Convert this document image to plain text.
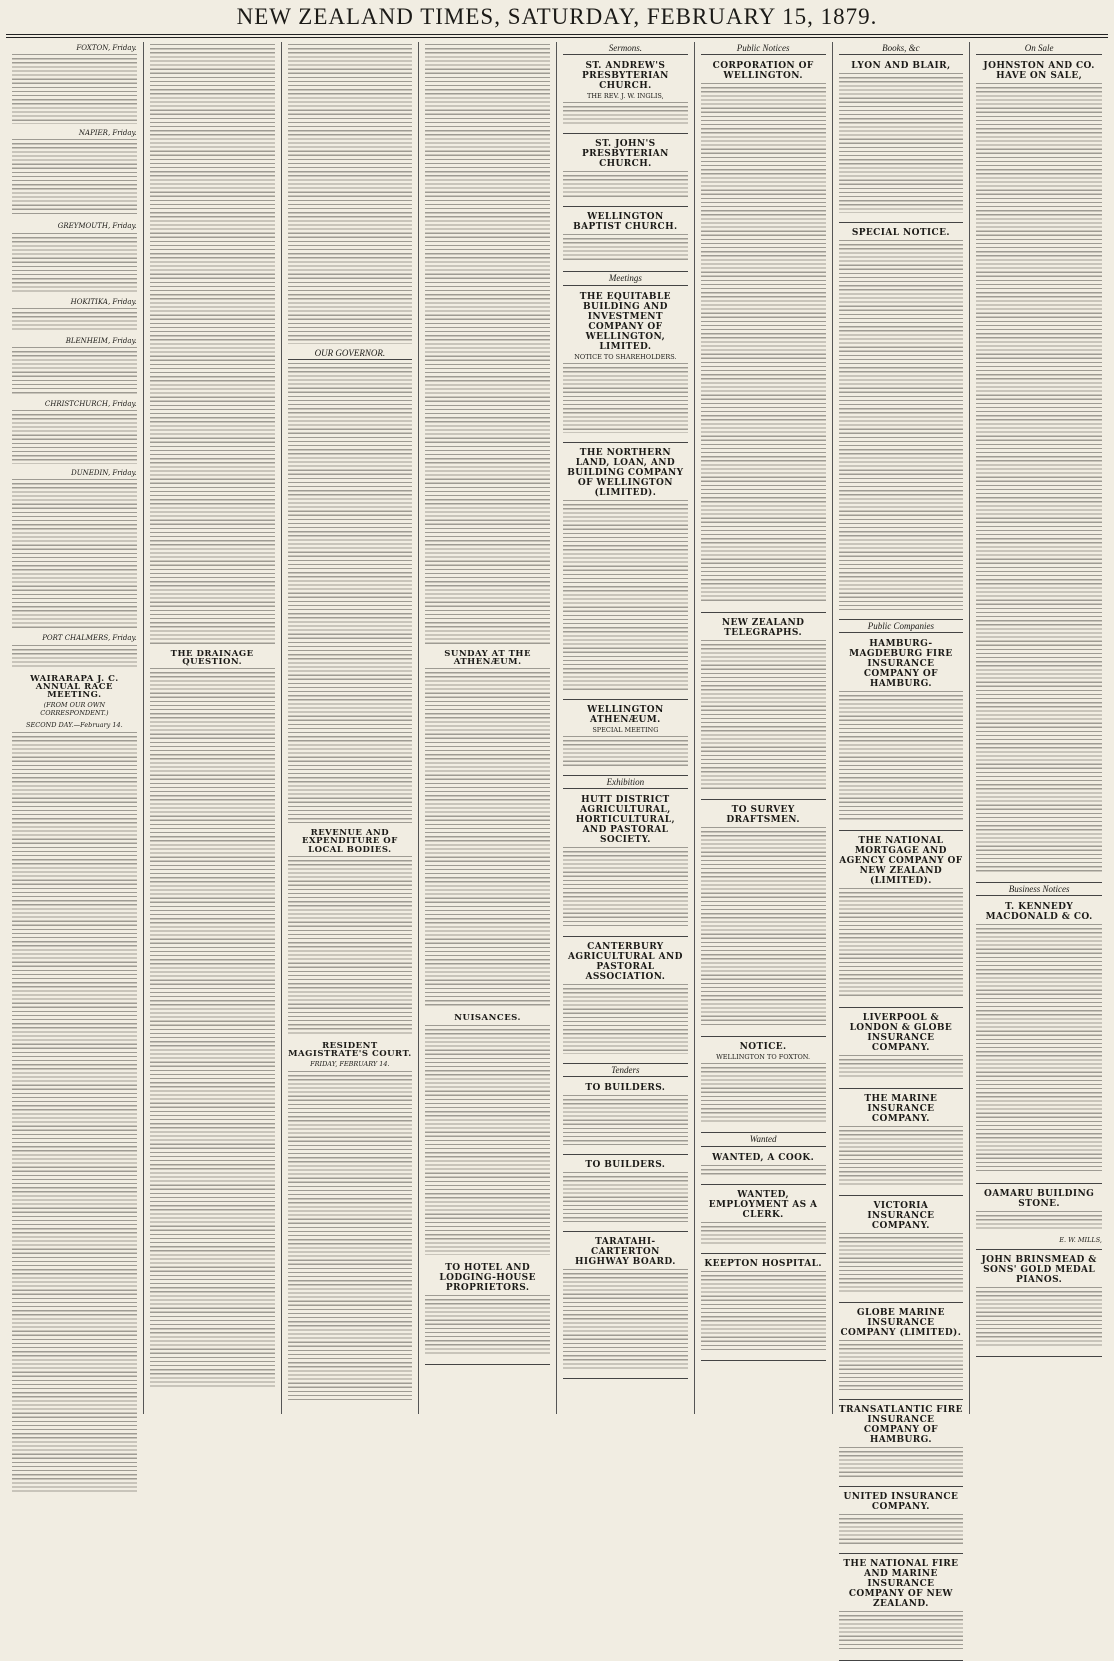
NEW ZEALAND TIMES, SATURDAY, FEBRUARY 15, 1879.
FOXTON, Friday.
NAPIER, Friday.
GREYMOUTH, Friday.
HOKITIKA, Friday.
BLENHEIM, Friday.
CHRISTCHURCH, Friday.
DUNEDIN, Friday.
PORT CHALMERS, Friday.
WAIRARAPA J. C. ANNUAL RACE MEETING.
(FROM OUR OWN CORRESPONDENT.)
SECOND DAY.—February 14.
THE DRAINAGE QUESTION.
OUR GOVERNOR.
REVENUE AND EXPENDITURE OF LOCAL BODIES.
RESIDENT MAGISTRATE'S COURT.
FRIDAY, FEBRUARY 14.
SUNDAY AT THE ATHENÆUM.
NUISANCES.
TO HOTEL AND LODGING-HOUSE PROPRIETORS.
Sermons.
ST. ANDREW'S PRESBYTERIAN CHURCH.
THE REV. J. W. INGLIS,
ST. JOHN'S PRESBYTERIAN CHURCH.
WELLINGTON BAPTIST CHURCH.
Meetings
THE EQUITABLE BUILDING AND INVESTMENT COMPANY OF WELLINGTON, LIMITED.
NOTICE TO SHAREHOLDERS.
THE NORTHERN LAND, LOAN, AND BUILDING COMPANY OF WELLINGTON (LIMITED).
WELLINGTON ATHENÆUM.
SPECIAL MEETING
Exhibition
HUTT DISTRICT AGRICULTURAL, HORTICULTURAL, AND PASTORAL SOCIETY.
CANTERBURY AGRICULTURAL AND PASTORAL ASSOCIATION.
Tenders
TO BUILDERS.
TO BUILDERS.
TARATAHI-CARTERTON HIGHWAY BOARD.
Public Notices
CORPORATION OF WELLINGTON.
NEW ZEALAND TELEGRAPHS.
TO SURVEY DRAFTSMEN.
NOTICE.
WELLINGTON TO FOXTON.
Wanted
WANTED, A COOK.
WANTED, EMPLOYMENT AS A CLERK.
KEEPTON HOSPITAL.
Books, &c
LYON AND BLAIR,
SPECIAL NOTICE.
Public Companies
HAMBURG-MAGDEBURG FIRE INSURANCE COMPANY OF HAMBURG.
THE NATIONAL MORTGAGE AND AGENCY COMPANY OF NEW ZEALAND (LIMITED).
LIVERPOOL & LONDON & GLOBE INSURANCE COMPANY.
THE MARINE INSURANCE COMPANY.
VICTORIA INSURANCE COMPANY.
GLOBE MARINE INSURANCE COMPANY (LIMITED).
TRANSATLANTIC FIRE INSURANCE COMPANY OF HAMBURG.
UNITED INSURANCE COMPANY.
THE NATIONAL FIRE AND MARINE INSURANCE COMPANY OF NEW ZEALAND.
On Sale
JOHNSTON AND CO. HAVE ON SALE,
Business Notices
T. KENNEDY MACDONALD & CO.
OAMARU BUILDING STONE.
E. W. MILLS,
JOHN BRINSMEAD & SONS' GOLD MEDAL PIANOS.
